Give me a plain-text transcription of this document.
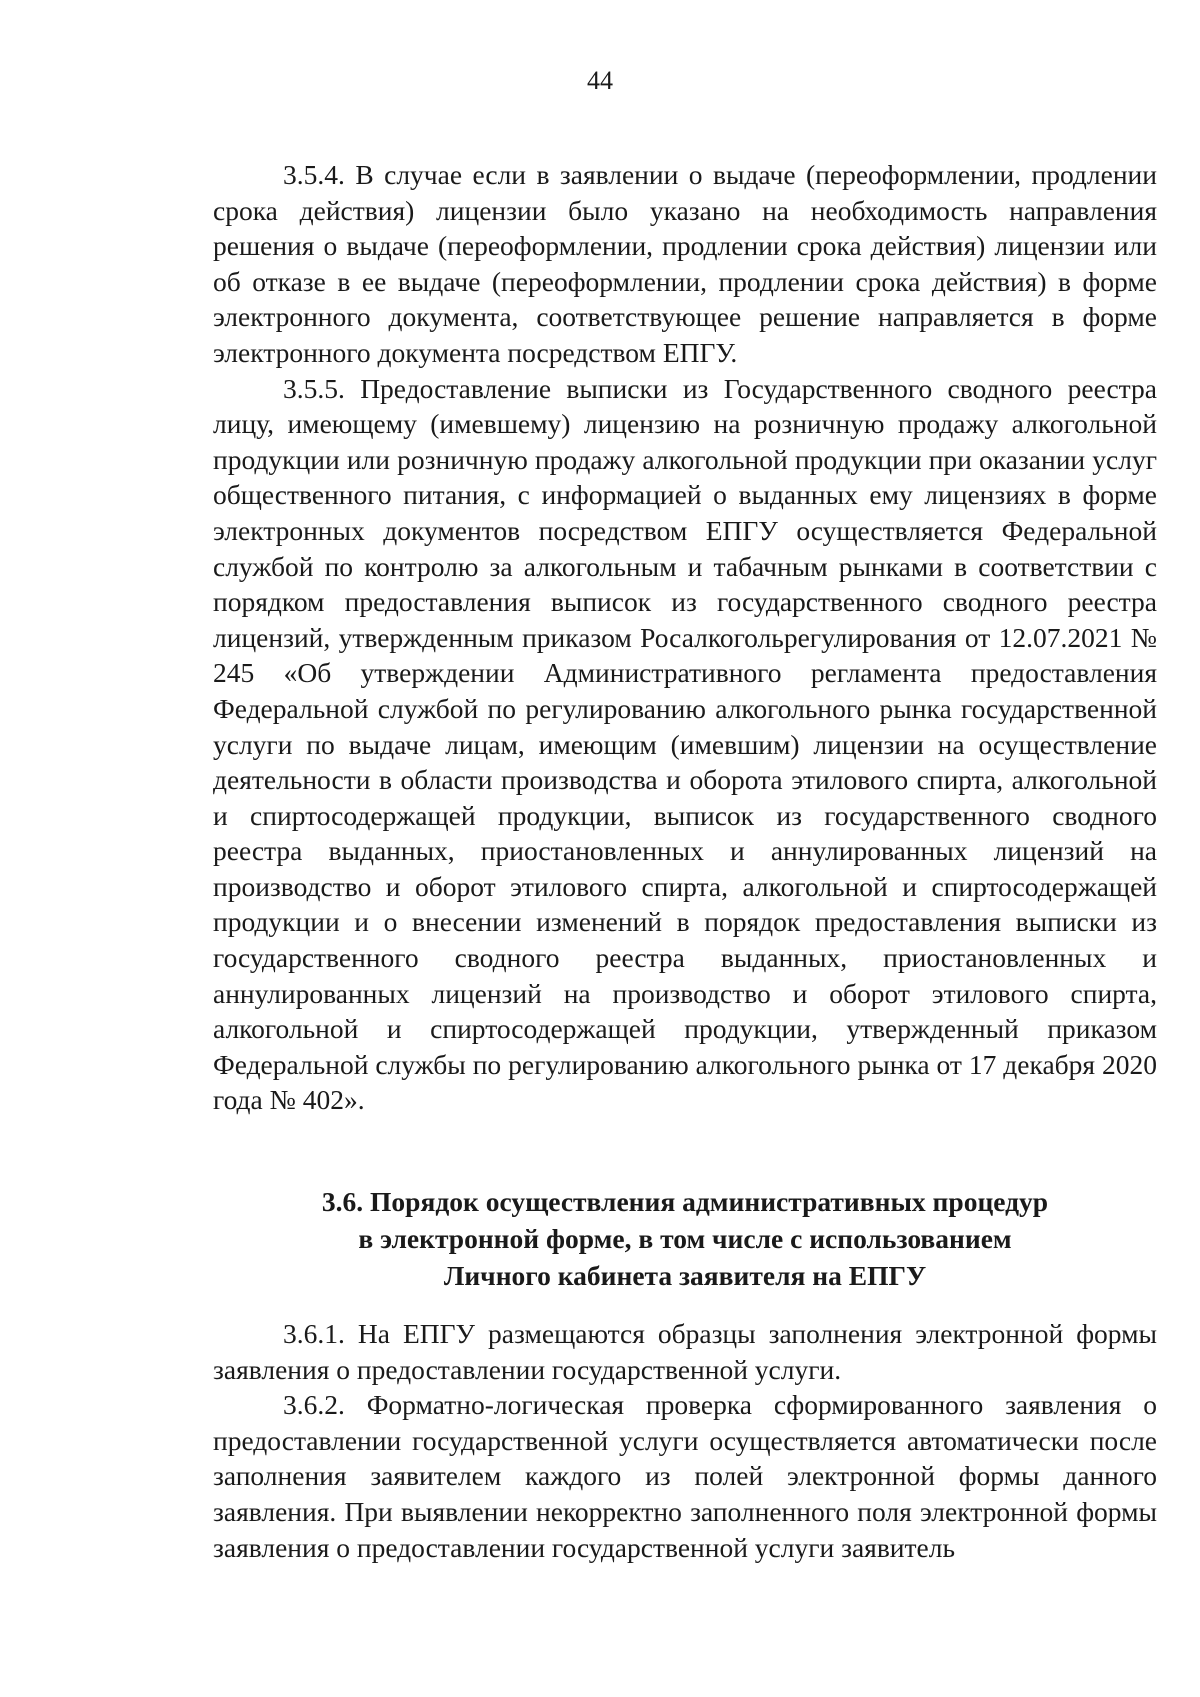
44

3.5.4. В случае если в заявлении о выдаче (переоформлении, продлении срока действия) лицензии было указано на необходимость направления решения о выдаче (переоформлении, продлении срока действия) лицензии или об отказе в ее выдаче (переоформлении, продлении срока действия) в форме электронного документа, соответствующее решение направляется в форме электронного документа посредством ЕПГУ.

3.5.5. Предоставление выписки из Государственного сводного реестра лицу, имеющему (имевшему) лицензию на розничную продажу алкогольной продукции или розничную продажу алкогольной продукции при оказании услуг общественного питания, с информацией о выданных ему лицензиях в форме электронных документов посредством ЕПГУ осуществляется Федеральной службой по контролю за алкогольным и табачным рынками в соответствии с порядком предоставления выписок из государственного сводного реестра лицензий, утвержденным приказом Росалкогольрегулирования от 12.07.2021 № 245 «Об утверждении Административного регламента предоставления Федеральной службой по регулированию алкогольного рынка государственной услуги по выдаче лицам, имеющим (имевшим) лицензии на осуществление деятельности в области производства и оборота этилового спирта, алкогольной и спиртосодержащей продукции, выписок из государственного сводного реестра выданных, приостановленных и аннулированных лицензий на производство и оборот этилового спирта, алкогольной и спиртосодержащей продукции и о внесении изменений в порядок предоставления выписки из государственного сводного реестра выданных, приостановленных и аннулированных лицензий на производство и оборот этилового спирта, алкогольной и спиртосодержащей продукции, утвержденный приказом Федеральной службы по регулированию алкогольного рынка от 17 декабря 2020 года № 402».

3.6. Порядок осуществления административных процедур
в электронной форме, в том числе с использованием
Личного кабинета заявителя на ЕПГУ

3.6.1. На ЕПГУ размещаются образцы заполнения электронной формы заявления о предоставлении государственной услуги.

3.6.2. Форматно-логическая проверка сформированного заявления о предоставлении государственной услуги осуществляется автоматически после заполнения заявителем каждого из полей электронной формы данного заявления. При выявлении некорректно заполненного поля электронной формы заявления о предоставлении государственной услуги заявитель
